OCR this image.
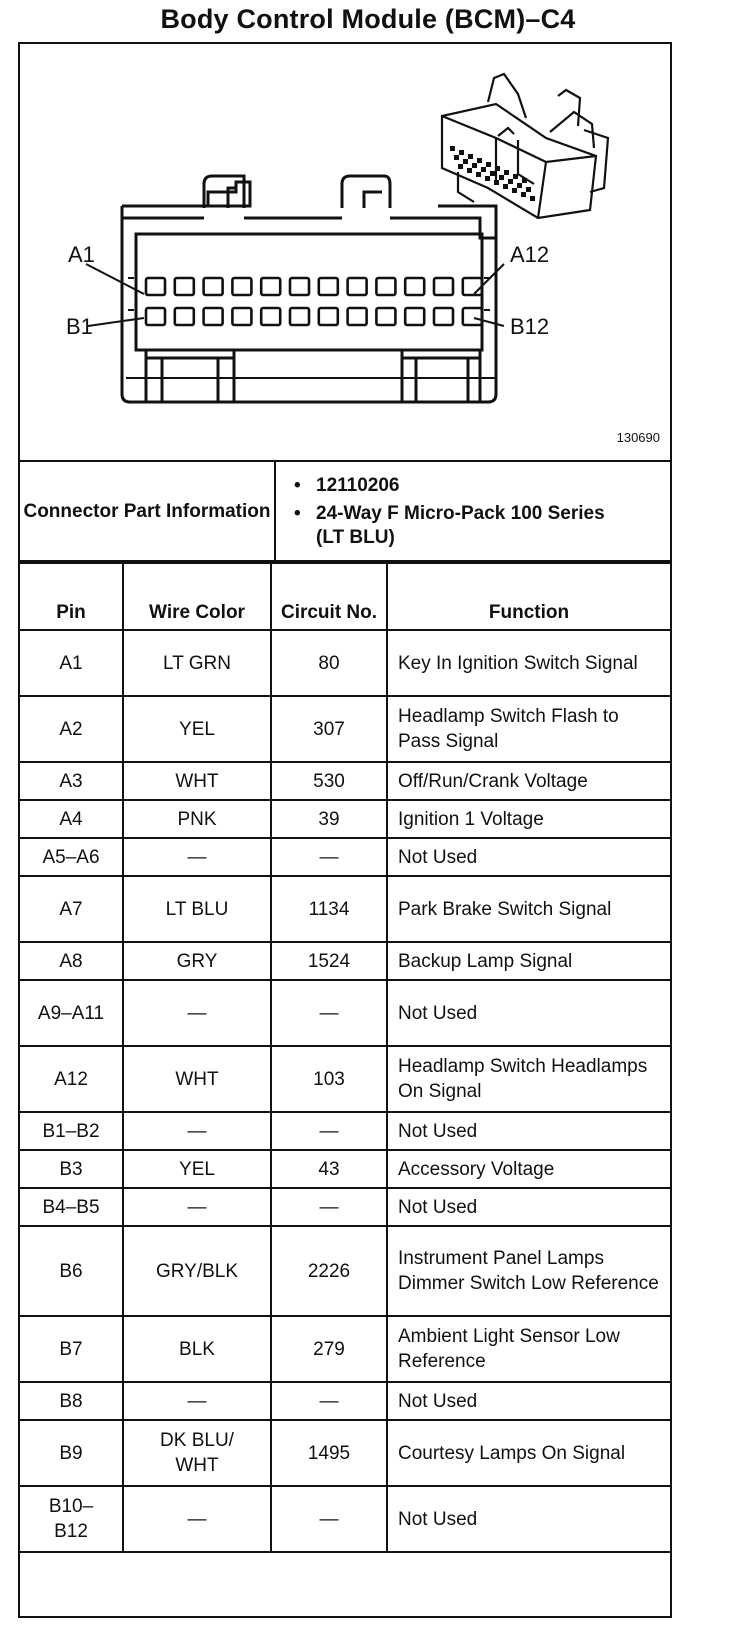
Body Control Module (BCM)–C4
A1	A12
B1	B12
130690
Connector Part Information	
• 12110206
• 24-Way F Micro-Pack 100 Series (LT BLU)
Pin	Wire Color	Circuit No.	Function
A1	LT GRN	80	Key In Ignition Switch Signal
A2	YEL	307	Headlamp Switch Flash to Pass Signal
A3	WHT	530	Off/Run/Crank Voltage
A4	PNK	39	Ignition 1 Voltage
A5–A6	—	—	Not Used
A7	LT BLU	1134	Park Brake Switch Signal
A8	GRY	1524	Backup Lamp Signal
A9–A11	—	—	Not Used
A12	WHT	103	Headlamp Switch Headlamps On Signal
B1–B2	—	—	Not Used
B3	YEL	43	Accessory Voltage
B4–B5	—	—	Not Used
B6	GRY/BLK	2226	Instrument Panel Lamps Dimmer Switch Low Reference
B7	BLK	279	Ambient Light Sensor Low Reference
B8	—	—	Not Used
B9	DK BLU/ WHT	1495	Courtesy Lamps On Signal
B10–B12	—	—	Not Used
